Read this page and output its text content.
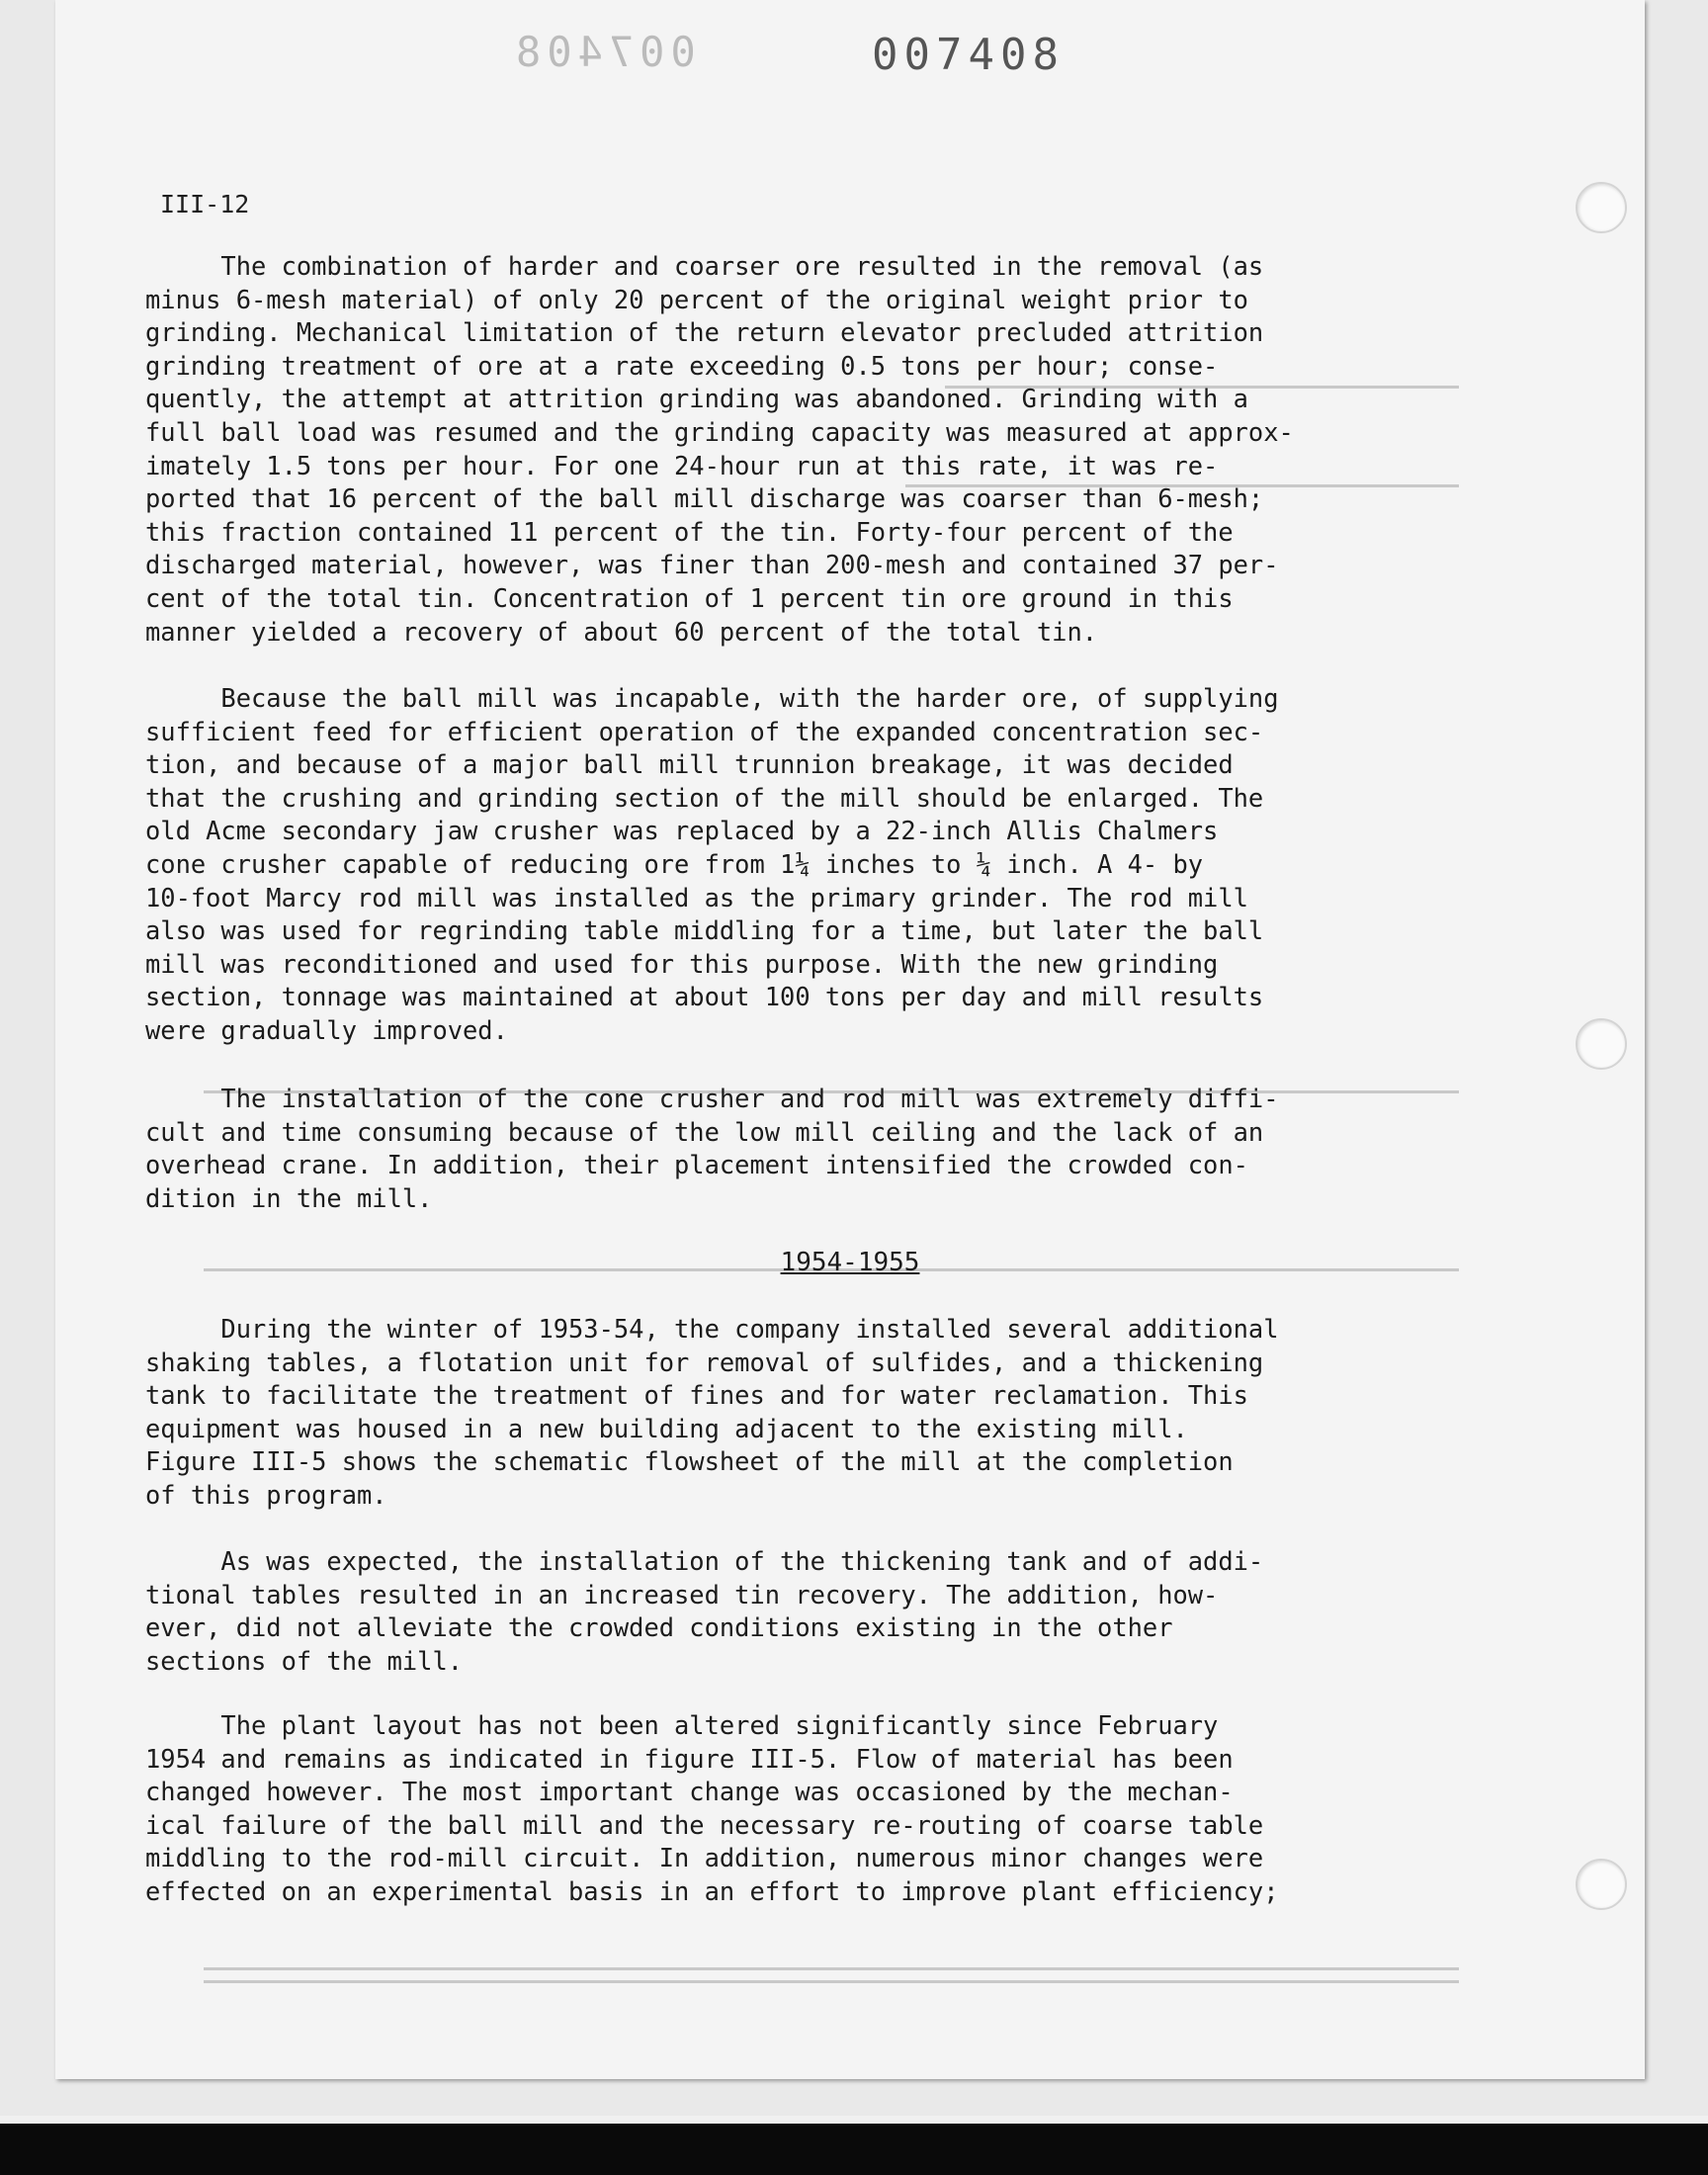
007408	007408
III-12
The combination of harder and coarser ore resulted in the removal (as
minus 6-mesh material) of only 20 percent of the original weight prior to
grinding. Mechanical limitation of the return elevator precluded attrition
grinding treatment of ore at a rate exceeding 0.5 tons per hour; conse-
quently, the attempt at attrition grinding was abandoned. Grinding with a
full ball load was resumed and the grinding capacity was measured at approx-
imately 1.5 tons per hour. For one 24-hour run at this rate, it was re-
ported that 16 percent of the ball mill discharge was coarser than 6-mesh;
this fraction contained 11 percent of the tin. Forty-four percent of the
discharged material, however, was finer than 200-mesh and contained 37 per-
cent of the total tin. Concentration of 1 percent tin ore ground in this
manner yielded a recovery of about 60 percent of the total tin.
Because the ball mill was incapable, with the harder ore, of supplying
sufficient feed for efficient operation of the expanded concentration sec-
tion, and because of a major ball mill trunnion breakage, it was decided
that the crushing and grinding section of the mill should be enlarged. The
old Acme secondary jaw crusher was replaced by a 22-inch Allis Chalmers
cone crusher capable of reducing ore from 1¼ inches to ¼ inch. A 4- by
10-foot Marcy rod mill was installed as the primary grinder. The rod mill
also was used for regrinding table middling for a time, but later the ball
mill was reconditioned and used for this purpose. With the new grinding
section, tonnage was maintained at about 100 tons per day and mill results
were gradually improved.
The installation of the cone crusher and rod mill was extremely diffi-
cult and time consuming because of the low mill ceiling and the lack of an
overhead crane. In addition, their placement intensified the crowded con-
dition in the mill.
1954-1955
During the winter of 1953-54, the company installed several additional
shaking tables, a flotation unit for removal of sulfides, and a thickening
tank to facilitate the treatment of fines and for water reclamation. This
equipment was housed in a new building adjacent to the existing mill.
Figure III-5 shows the schematic flowsheet of the mill at the completion
of this program.
As was expected, the installation of the thickening tank and of addi-
tional tables resulted in an increased tin recovery. The addition, how-
ever, did not alleviate the crowded conditions existing in the other
sections of the mill.
The plant layout has not been altered significantly since February
1954 and remains as indicated in figure III-5. Flow of material has been
changed however. The most important change was occasioned by the mechan-
ical failure of the ball mill and the necessary re-routing of coarse table
middling to the rod-mill circuit. In addition, numerous minor changes were
effected on an experimental basis in an effort to improve plant efficiency;
